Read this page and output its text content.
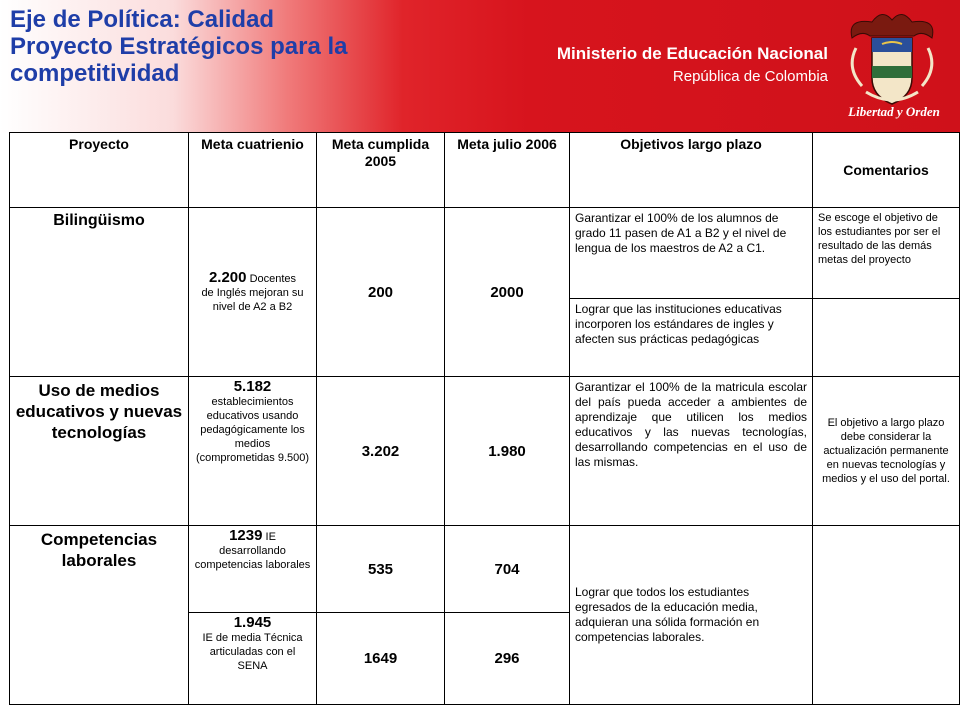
Eje de Política: Calidad
Proyecto Estratégicos para la
competitividad
Ministerio de Educación Nacional
República de Colombia
Libertad y Orden
Proyecto	Meta cuatrienio	Meta cumplida 2005	Meta julio 2006	Objetivos largo plazo	Comentarios
Bilingüismo	2.200 Docentes
de Inglés mejoran su nivel de A2 a B2	200	2000	Garantizar el 100% de los alumnos de grado 11 pasen de A1 a B2 y el nivel de lengua de los maestros de A2 a C1.	Se escoge el objetivo de los estudiantes por ser el resultado de las demás metas del proyecto
				Lograr que las instituciones educativas incorporen los estándares de ingles y afecten sus prácticas pedagógicas	
Uso de medios educativos y nuevas tecnologías	5.182
establecimientos educativos usando pedagógicamente los medios (comprometidas 9.500)	3.202	1.980	Garantizar el 100% de la matricula escolar del país pueda acceder a ambientes de aprendizaje que utilicen los medios educativos y las nuevas tecnologías, desarrollando competencias en el uso de las mismas.	El objetivo a largo plazo debe considerar la actualización permanente en nuevas tecnologías y medios y el uso del portal.
Competencias laborales	1239 IE
desarrollando competencias laborales	535	704	Lograr que todos los estudiantes egresados de la educación media, adquieran una sólida formación en competencias laborales.	
	1.945
IE de media Técnica articuladas con el SENA	1649	296		
